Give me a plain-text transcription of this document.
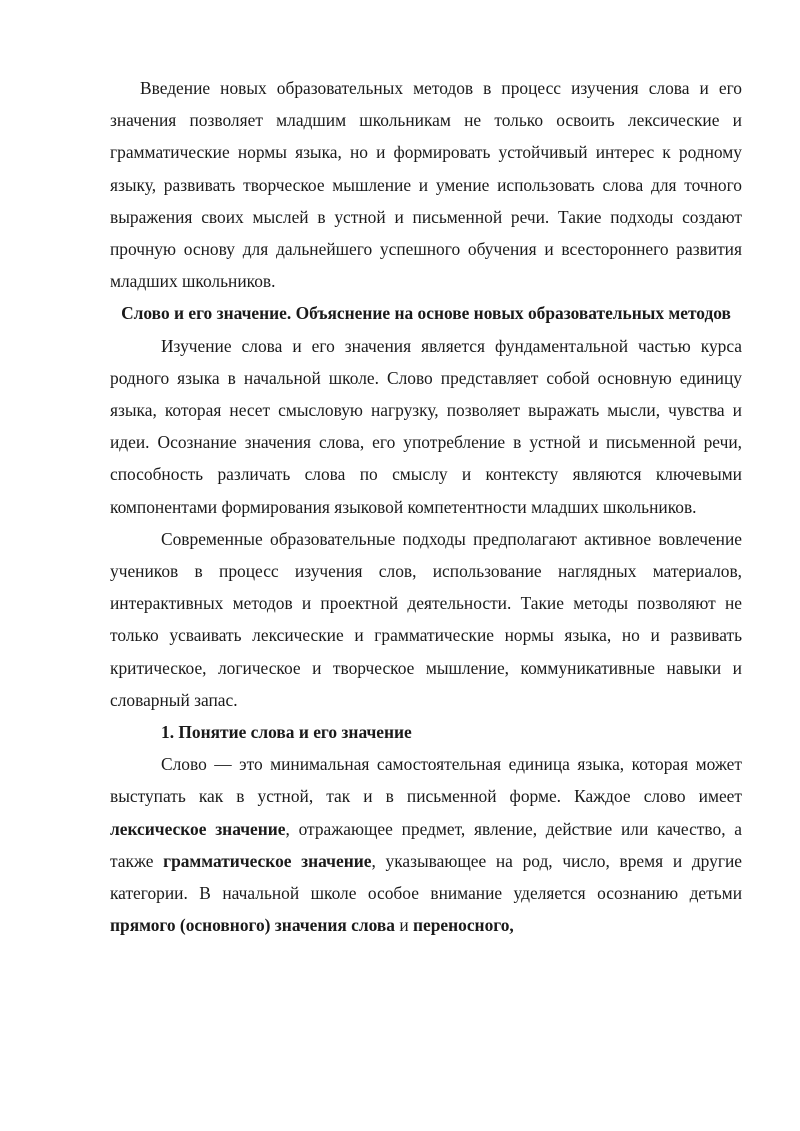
Введение новых образовательных методов в процесс изучения слова и его значения позволяет младшим школьникам не только освоить лексические и грамматические нормы языка, но и формировать устойчивый интерес к родному языку, развивать творческое мышление и умение использовать слова для точного выражения своих мыслей в устной и письменной речи. Такие подходы создают прочную основу для дальнейшего успешного обучения и всестороннего развития младших школьников.

Слово и его значение. Объяснение на основе новых образовательных методов

Изучение слова и его значения является фундаментальной частью курса родного языка в начальной школе. Слово представляет собой основную единицу языка, которая несет смысловую нагрузку, позволяет выражать мысли, чувства и идеи. Осознание значения слова, его употребление в устной и письменной речи, способность различать слова по смыслу и контексту являются ключевыми компонентами формирования языковой компетентности младших школьников.

Современные образовательные подходы предполагают активное вовлечение учеников в процесс изучения слов, использование наглядных материалов, интерактивных методов и проектной деятельности. Такие методы позволяют не только усваивать лексические и грамматические нормы языка, но и развивать критическое, логическое и творческое мышление, коммуникативные навыки и словарный запас.

1. Понятие слова и его значение

Слово — это минимальная самостоятельная единица языка, которая может выступать как в устной, так и в письменной форме. Каждое слово имеет лексическое значение, отражающее предмет, явление, действие или качество, а также грамматическое значение, указывающее на род, число, время и другие категории. В начальной школе особое внимание уделяется осознанию детьми прямого (основного) значения слова и переносного,
